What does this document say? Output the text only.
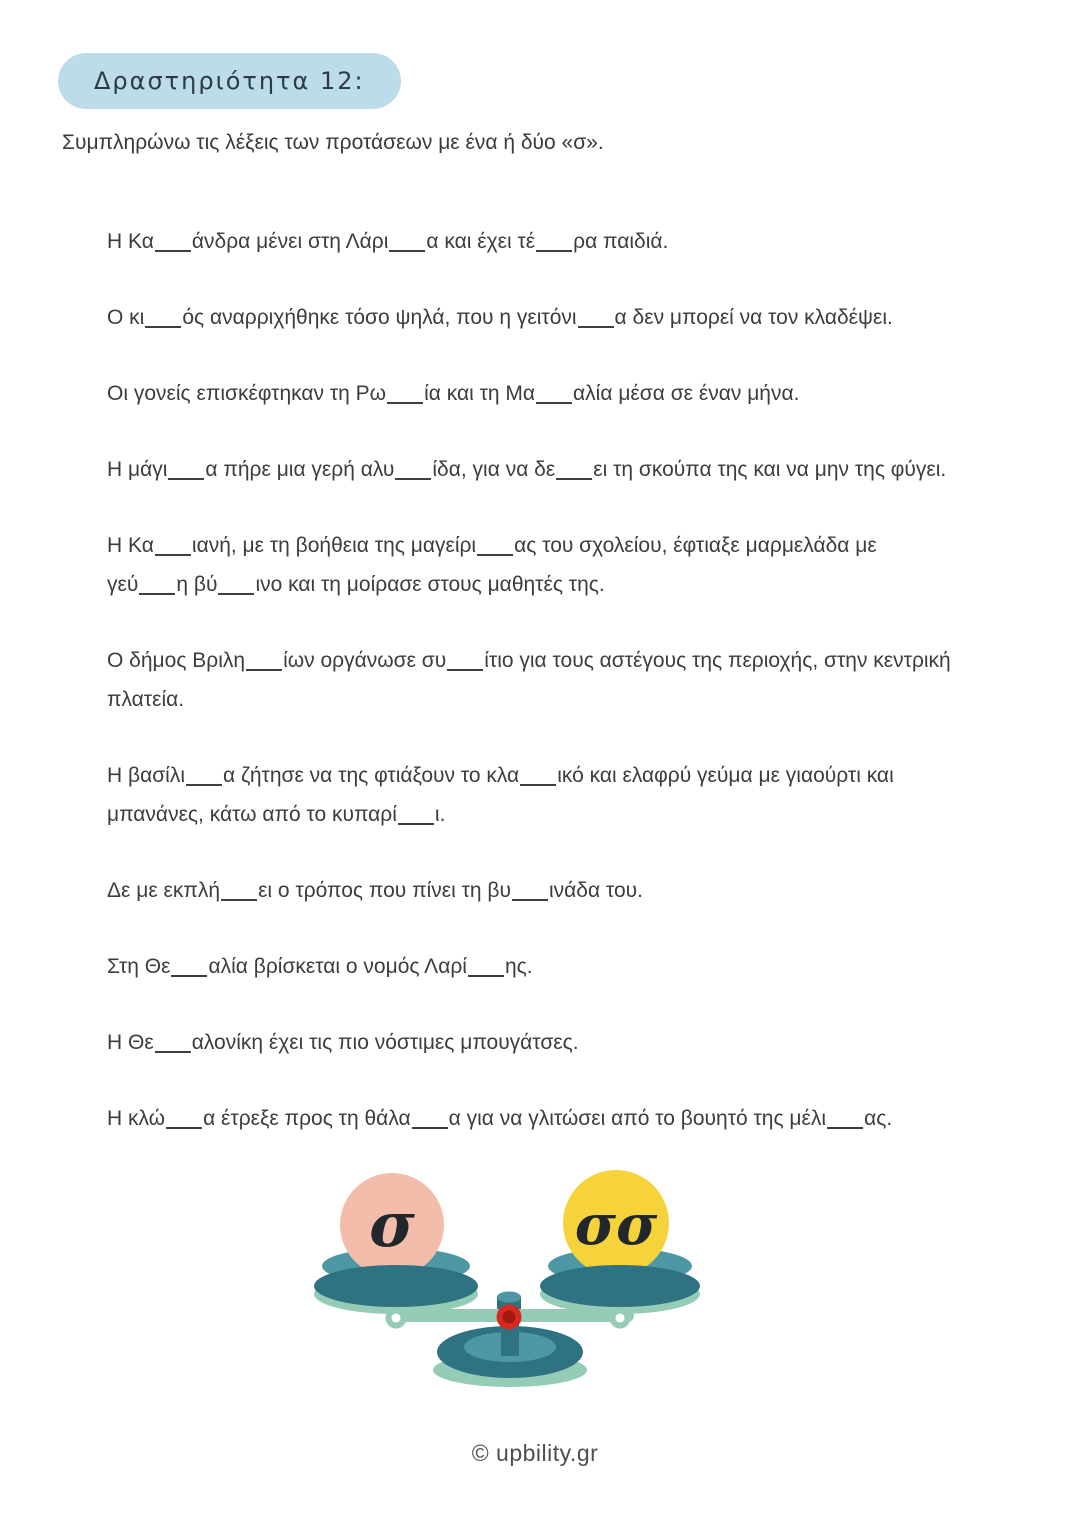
Δραστηριότητα 12:
Συμπληρώνω τις λέξεις των προτάσεων με ένα ή δύο «σ».

Η Κα άνδρα μένει στη Λάρι α και έχει τέ ρα παιδιά.

Ο κι ός αναρριχήθηκε τόσο ψηλά, που η γειτόνι α δεν μπορεί να τον κλαδέψει.

Οι γονείς επισκέφτηκαν τη Ρω ία και τη Μα αλία μέσα σε έναν μήνα.

Η μάγι α πήρε μια γερή αλυ ίδα, για να δε ει τη σκούπα της και να μην της φύγει.

Η Κα ιανή, με τη βοήθεια της μαγείρι ας του σχολείου, έφτιαξε μαρμελάδα με
γεύ η βύ ινο και τη μοίρασε στους μαθητές της.

Ο δήμος Βριλη ίων οργάνωσε συ ίτιο για τους αστέγους της περιοχής, στην κεντρική
πλατεία.

Η βασίλι α ζήτησε να της φτιάξουν το κλα ικό και ελαφρύ γεύμα με γιαούρτι και
μπανάνες, κάτω από το κυπαρί ι.

Δε με εκπλή ει ο τρόπος που πίνει τη βυ ινάδα του.

Στη Θε αλία βρίσκεται ο νομός Λαρί ης.

Η Θε αλονίκη έχει τις πιο νόστιμες μπουγάτσες.

Η κλώ α έτρεξε προς τη θάλα α για να γλιτώσει από το βουητό της μέλι ας.

σ	σσ
© upbility.gr
